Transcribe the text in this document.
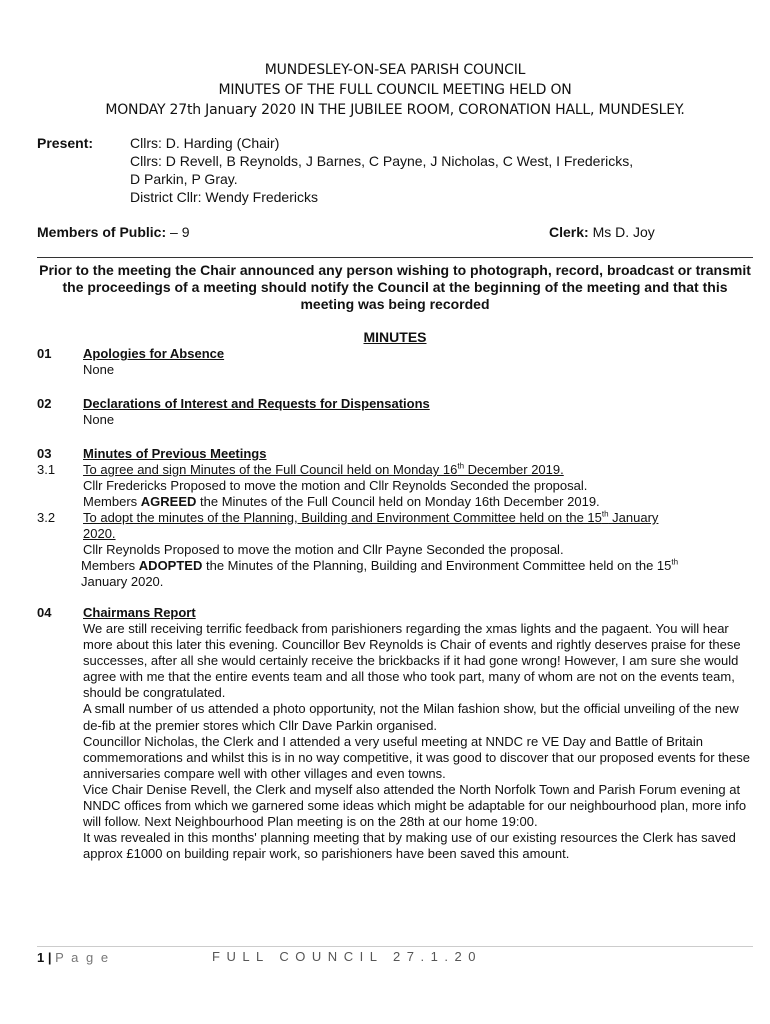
MUNDESLEY-ON-SEA PARISH COUNCIL
MINUTES OF THE FULL COUNCIL MEETING HELD ON
MONDAY 27th January 2020 IN THE JUBILEE ROOM, CORONATION HALL, MUNDESLEY.
Present:	Cllrs: D. Harding (Chair)
Cllrs: D Revell, B Reynolds, J Barnes, C Payne, J Nicholas, C West, I Fredericks,
D Parkin, P Gray.
District Cllr: Wendy Fredericks
Members of Public: – 9	Clerk: Ms D. Joy
Prior to the meeting the Chair announced any person wishing to photograph, record, broadcast or transmit the proceedings of a meeting should notify the Council at the beginning of the meeting and that this meeting was being recorded
MINUTES
01 Apologies for Absence
None
02 Declarations of Interest and Requests for Dispensations
None
03 Minutes of Previous Meetings
3.1 To agree and sign Minutes of the Full Council held on Monday 16th December 2019.
Cllr Fredericks Proposed to move the motion and Cllr Reynolds Seconded the proposal.
Members AGREED the Minutes of the Full Council held on Monday 16th December 2019.
3.2 To adopt the minutes of the Planning, Building and Environment Committee held on the 15th January
2020.
Cllr Reynolds Proposed to move the motion and Cllr Payne Seconded the proposal.
Members ADOPTED the Minutes of the Planning, Building and Environment Committee held on the 15th
January 2020.
04 Chairmans Report

We are still receiving terrific feedback from parishioners regarding the xmas lights and the pagaent. You will hear more about this later this evening. Councillor Bev Reynolds is Chair of events and rightly deserves praise for these successes, after all she would certainly receive the brickbacks if it had gone wrong! However, I am sure she would agree with me that the entire events team and all those who took part, many of whom are not on the events team, should be congratulated.

A small number of us attended a photo opportunity, not the Milan fashion show, but the official unveiling of the new de-fib at the premier stores which Cllr Dave Parkin organised.

Councillor Nicholas, the Clerk and I attended a very useful meeting at NNDC re VE Day and Battle of Britain commemorations and whilst this is in no way competitive, it was good to discover that our proposed events for these anniversaries compare well with other villages and even towns.

Vice Chair Denise Revell, the Clerk and myself also attended the North Norfolk Town and Parish Forum evening at NNDC offices from which we garnered some ideas which might be adaptable for our neighbourhood plan, more info will follow. Next Neighbourhood Plan meeting is on the 28th at our home 19:00.

It was revealed in this months' planning meeting that by making use of our existing resources the Clerk has saved approx £1000 on building repair work, so parishioners have been saved this amount.

1 | P a g e	FULL COUNCIL 27.1.20
